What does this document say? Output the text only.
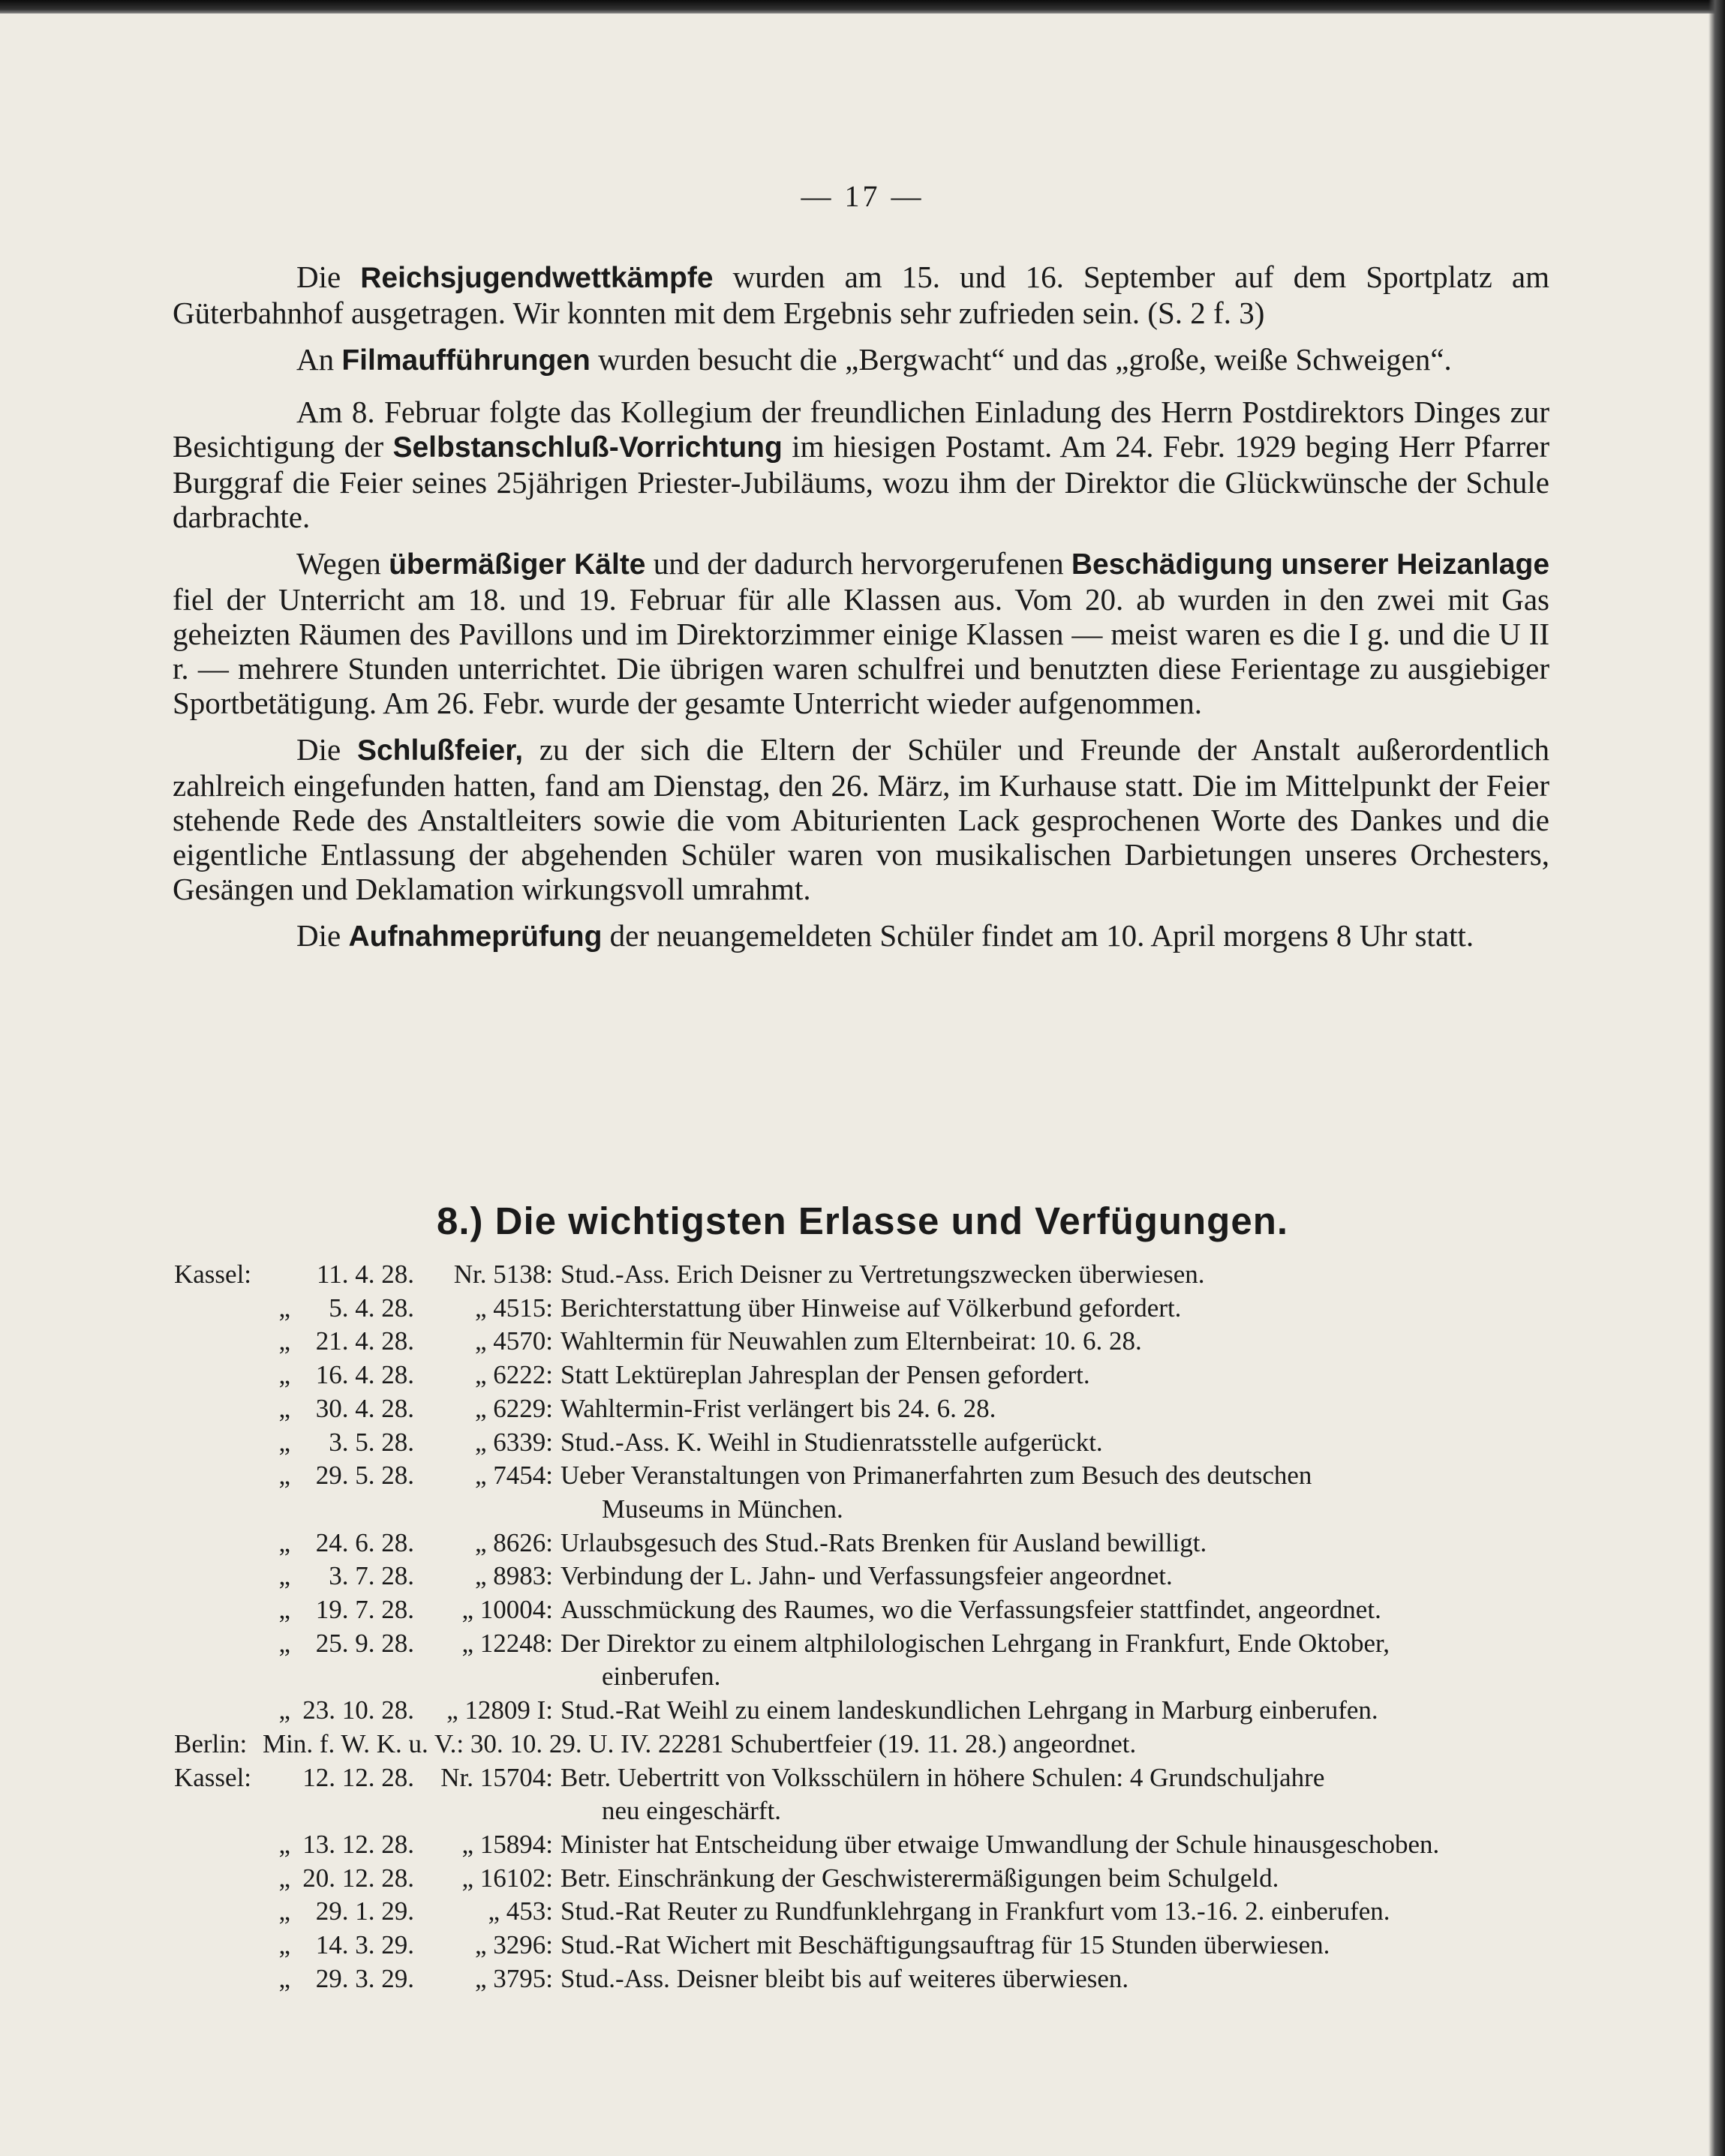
— 17 —

Die Reichsjugendwettkämpfe wurden am 15. und 16. September auf dem Sportplatz am Güterbahnhof ausgetragen. Wir konnten mit dem Ergebnis sehr zufrieden sein. (S. 2 f. 3)

An Filmaufführungen wurden besucht die „Bergwacht“ und das „große, weiße Schweigen“.

Am 8. Februar folgte das Kollegium der freundlichen Einladung des Herrn Postdirektors Dinges zur Besichtigung der Selbstanschluß-Vorrichtung im hiesigen Postamt. Am 24. Febr. 1929 beging Herr Pfarrer Burggraf die Feier seines 25jährigen Priester-Jubiläums, wozu ihm der Direktor die Glückwünsche der Schule darbrachte.

Wegen übermäßiger Kälte und der dadurch hervorgerufenen Beschädigung unserer Heizanlage fiel der Unterricht am 18. und 19. Februar für alle Klassen aus. Vom 20. ab wurden in den zwei mit Gas geheizten Räumen des Pavillons und im Direktorzimmer einige Klassen — meist waren es die I g. und die U II r. — mehrere Stunden unterrichtet. Die übrigen waren schulfrei und benutzten diese Ferientage zu ausgiebiger Sportbetätigung. Am 26. Febr. wurde der gesamte Unterricht wieder aufgenommen.

Die Schlußfeier, zu der sich die Eltern der Schüler und Freunde der Anstalt außerordentlich zahlreich eingefunden hatten, fand am Dienstag, den 26. März, im Kurhause statt. Die im Mittelpunkt der Feier stehende Rede des Anstaltleiters sowie die vom Abiturienten Lack gesprochenen Worte des Dankes und die eigentliche Entlassung der abgehenden Schüler waren von musikalischen Darbietungen unseres Orchesters, Gesängen und Deklamation wirkungsvoll umrahmt.

Die Aufnahmeprüfung der neuangemeldeten Schüler findet am 10. April morgens 8 Uhr statt.

8.) Die wichtigsten Erlasse und Verfügungen.
Kassel:	11. 4. 28.	Nr. 5138: Stud.-Ass. Erich Deisner zu Vertretungszwecken überwiesen.
„	5. 4. 28.	„ 4515: Berichterstattung über Hinweise auf Völkerbund gefordert.
„ 21. 4. 28.	„ 4570: Wahltermin für Neuwahlen zum Elternbeirat: 10. 6. 28.
„ 16. 4. 28.	„ 6222: Statt Lektüreplan Jahresplan der Pensen gefordert.
„ 30. 4. 28.	„ 6229: Wahltermin-Frist verlängert bis 24. 6. 28.
„	3. 5. 28.	„ 6339: Stud.-Ass. K. Weihl in Studienratsstelle aufgerückt.
„ 29. 5. 28.	„ 7454: Ueber Veranstaltungen von Primanerfahrten zum Besuch des deutschen
Museums in München.
„ 24. 6. 28.	„ 8626: Urlaubsgesuch des Stud.-Rats Brenken für Ausland bewilligt.
„	3. 7. 28.	„ 8983: Verbindung der L. Jahn- und Verfassungsfeier angeordnet.
„ 19. 7. 28.	„ 10004: Ausschmückung des Raumes, wo die Verfassungsfeier stattfindet, angeordnet.
„ 25. 9. 28.	„ 12248: Der Direktor zu einem altphilologischen Lehrgang in Frankfurt, Ende Oktober,
einberufen.
„ 23. 10. 28.	„ 12809 I: Stud.-Rat Weihl zu einem landeskundlichen Lehrgang in Marburg einberufen.
Berlin: Min. f. W. K. u. V.: 30. 10. 29. U. IV. 22281 Schubertfeier (19. 11. 28.) angeordnet.
Kassel:	12. 12. 28.	Nr. 15704: Betr. Uebertritt von Volksschülern in höhere Schulen: 4 Grundschuljahre
neu eingeschärft.
„ 13. 12. 28.	„ 15894: Minister hat Entscheidung über etwaige Umwandlung der Schule hinausgeschoben.
„ 20. 12. 28.	„ 16102: Betr. Einschränkung der Geschwisterermäßigungen beim Schulgeld.
„ 29. 1. 29.	„ 453: Stud.-Rat Reuter zu Rundfunklehrgang in Frankfurt vom 13.-16. 2. einberufen.
„ 14. 3. 29.	„ 3296: Stud.-Rat Wichert mit Beschäftigungsauftrag für 15 Stunden überwiesen.
„ 29. 3. 29.	„ 3795: Stud.-Ass. Deisner bleibt bis auf weiteres überwiesen.
